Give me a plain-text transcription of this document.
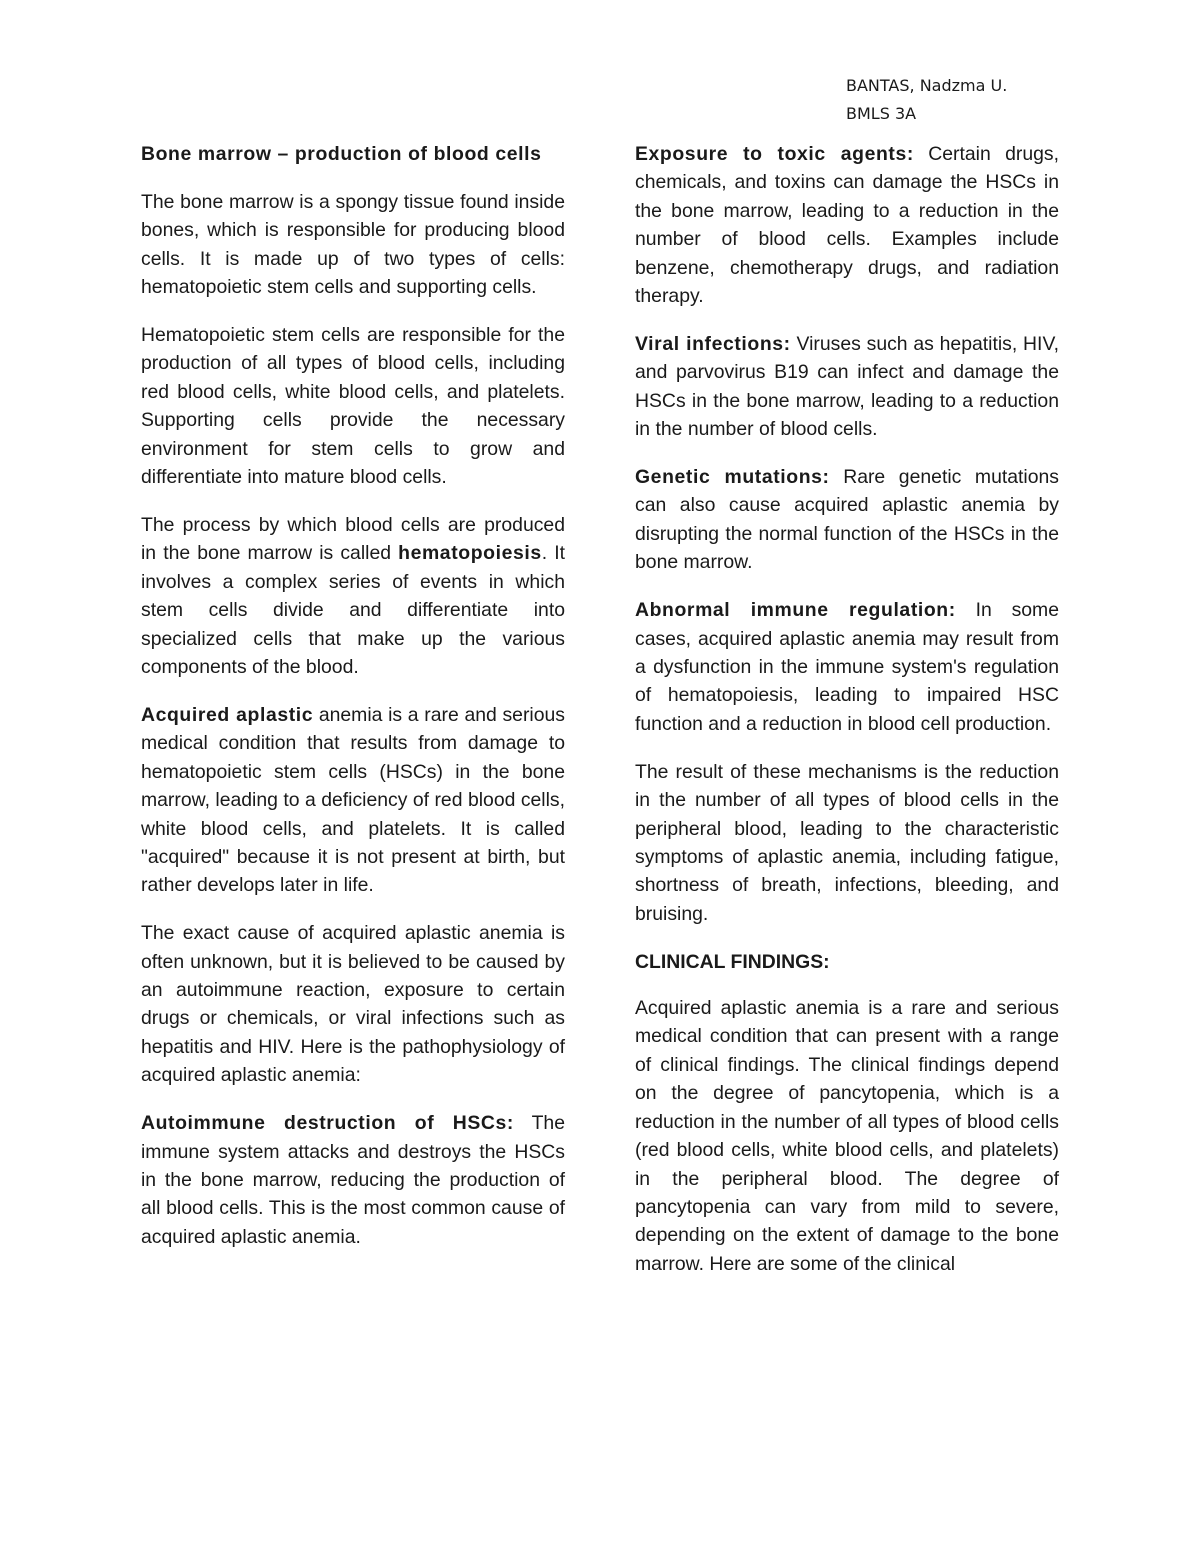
BANTAS, Nadzma U.
BMLS 3A

Bone marrow – production of blood cells

The bone marrow is a spongy tissue found inside bones, which is responsible for producing blood cells. It is made up of two types of cells: hematopoietic stem cells and supporting cells.

Hematopoietic stem cells are responsible for the production of all types of blood cells, including red blood cells, white blood cells, and platelets. Supporting cells provide the necessary environment for stem cells to grow and differentiate into mature blood cells.

The process by which blood cells are produced in the bone marrow is called hematopoiesis. It involves a complex series of events in which stem cells divide and differentiate into specialized cells that make up the various components of the blood.

Acquired aplastic anemia is a rare and serious medical condition that results from damage to hematopoietic stem cells (HSCs) in the bone marrow, leading to a deficiency of red blood cells, white blood cells, and platelets. It is called "acquired" because it is not present at birth, but rather develops later in life.

The exact cause of acquired aplastic anemia is often unknown, but it is believed to be caused by an autoimmune reaction, exposure to certain drugs or chemicals, or viral infections such as hepatitis and HIV. Here is the pathophysiology of acquired aplastic anemia:

Autoimmune destruction of HSCs: The immune system attacks and destroys the HSCs in the bone marrow, reducing the production of all blood cells. This is the most common cause of acquired aplastic anemia.

Exposure to toxic agents: Certain drugs, chemicals, and toxins can damage the HSCs in the bone marrow, leading to a reduction in the number of blood cells. Examples include benzene, chemotherapy drugs, and radiation therapy.

Viral infections: Viruses such as hepatitis, HIV, and parvovirus B19 can infect and damage the HSCs in the bone marrow, leading to a reduction in the number of blood cells.

Genetic mutations: Rare genetic mutations can also cause acquired aplastic anemia by disrupting the normal function of the HSCs in the bone marrow.

Abnormal immune regulation: In some cases, acquired aplastic anemia may result from a dysfunction in the immune system's regulation of hematopoiesis, leading to impaired HSC function and a reduction in blood cell production.

The result of these mechanisms is the reduction in the number of all types of blood cells in the peripheral blood, leading to the characteristic symptoms of aplastic anemia, including fatigue, shortness of breath, infections, bleeding, and bruising.

CLINICAL FINDINGS:

Acquired aplastic anemia is a rare and serious medical condition that can present with a range of clinical findings. The clinical findings depend on the degree of pancytopenia, which is a reduction in the number of all types of blood cells (red blood cells, white blood cells, and platelets) in the peripheral blood. The degree of pancytopenia can vary from mild to severe, depending on the extent of damage to the bone marrow. Here are some of the clinical
